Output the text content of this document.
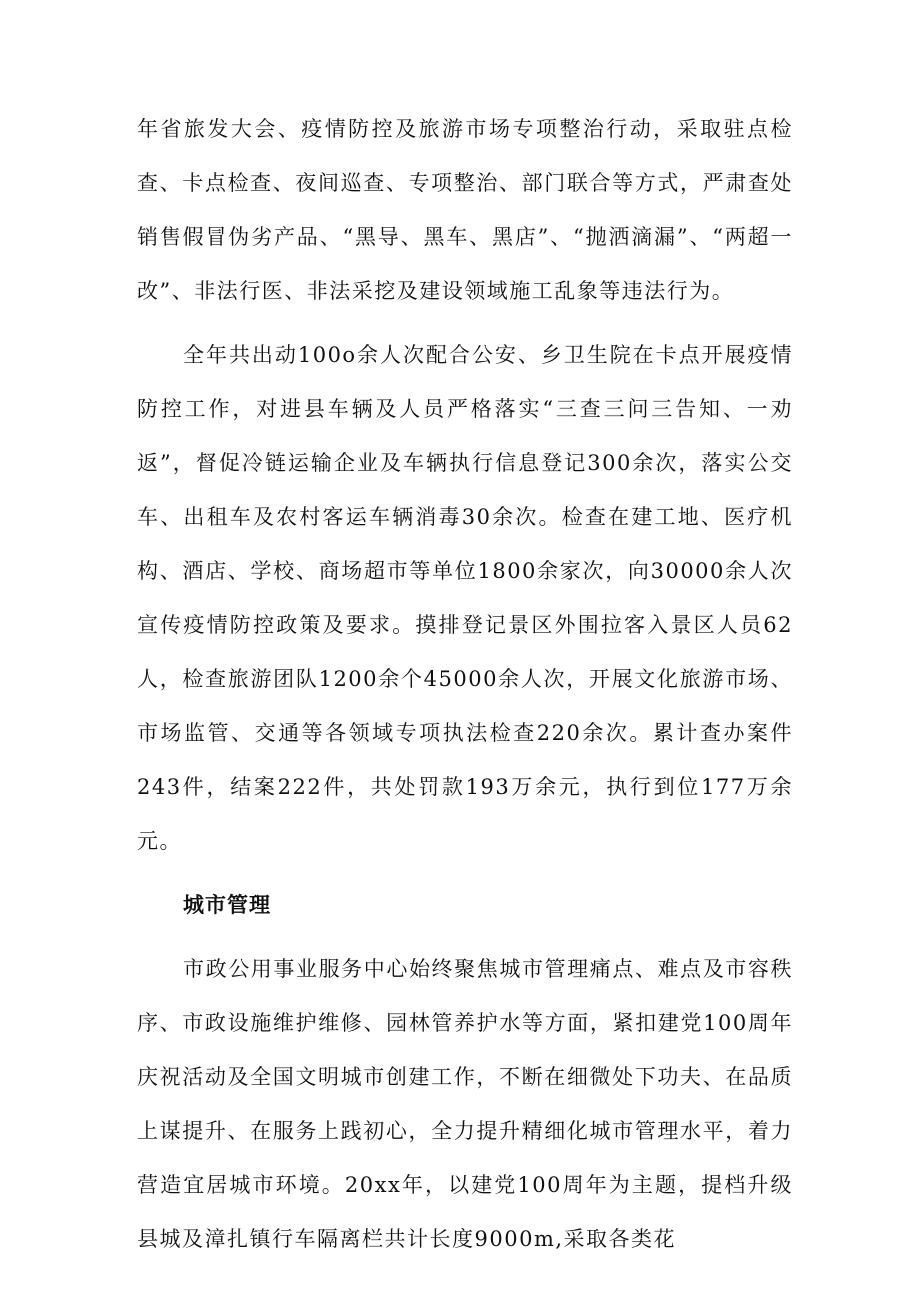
年省旅发大会、疫情防控及旅游市场专项整治行动，采取驻点检查、卡点检查、夜间巡查、专项整治、部门联合等方式，严肃查处销售假冒伪劣产品、“黑导、黑车、黑店”、“抛洒滴漏”、“两超一改”、非法行医、非法采挖及建设领域施工乱象等违法行为。

全年共出动100o余人次配合公安、乡卫生院在卡点开展疫情防控工作，对进县车辆及人员严格落实“三查三问三告知、一劝返”，督促冷链运输企业及车辆执行信息登记300余次，落实公交车、出租车及农村客运车辆消毒30余次。检查在建工地、医疗机构、酒店、学校、商场超市等单位1800余家次，向30000余人次宣传疫情防控政策及要求。摸排登记景区外围拉客入景区人员62人，检查旅游团队1200余个45000余人次，开展文化旅游市场、市场监管、交通等各领域专项执法检查220余次。累计查办案件243件，结案222件，共处罚款193万余元，执行到位177万余元。

城市管理

市政公用事业服务中心始终聚焦城市管理痛点、难点及市容秩序、市政设施维护维修、园林管养护水等方面，紧扣建党100周年庆祝活动及全国文明城市创建工作，不断在细微处下功夫、在品质上谋提升、在服务上践初心，全力提升精细化城市管理水平，着力营造宜居城市环境。20xx年，以建党100周年为主题，提档升级县城及漳扎镇行车隔离栏共计长度9000m,采取各类花
